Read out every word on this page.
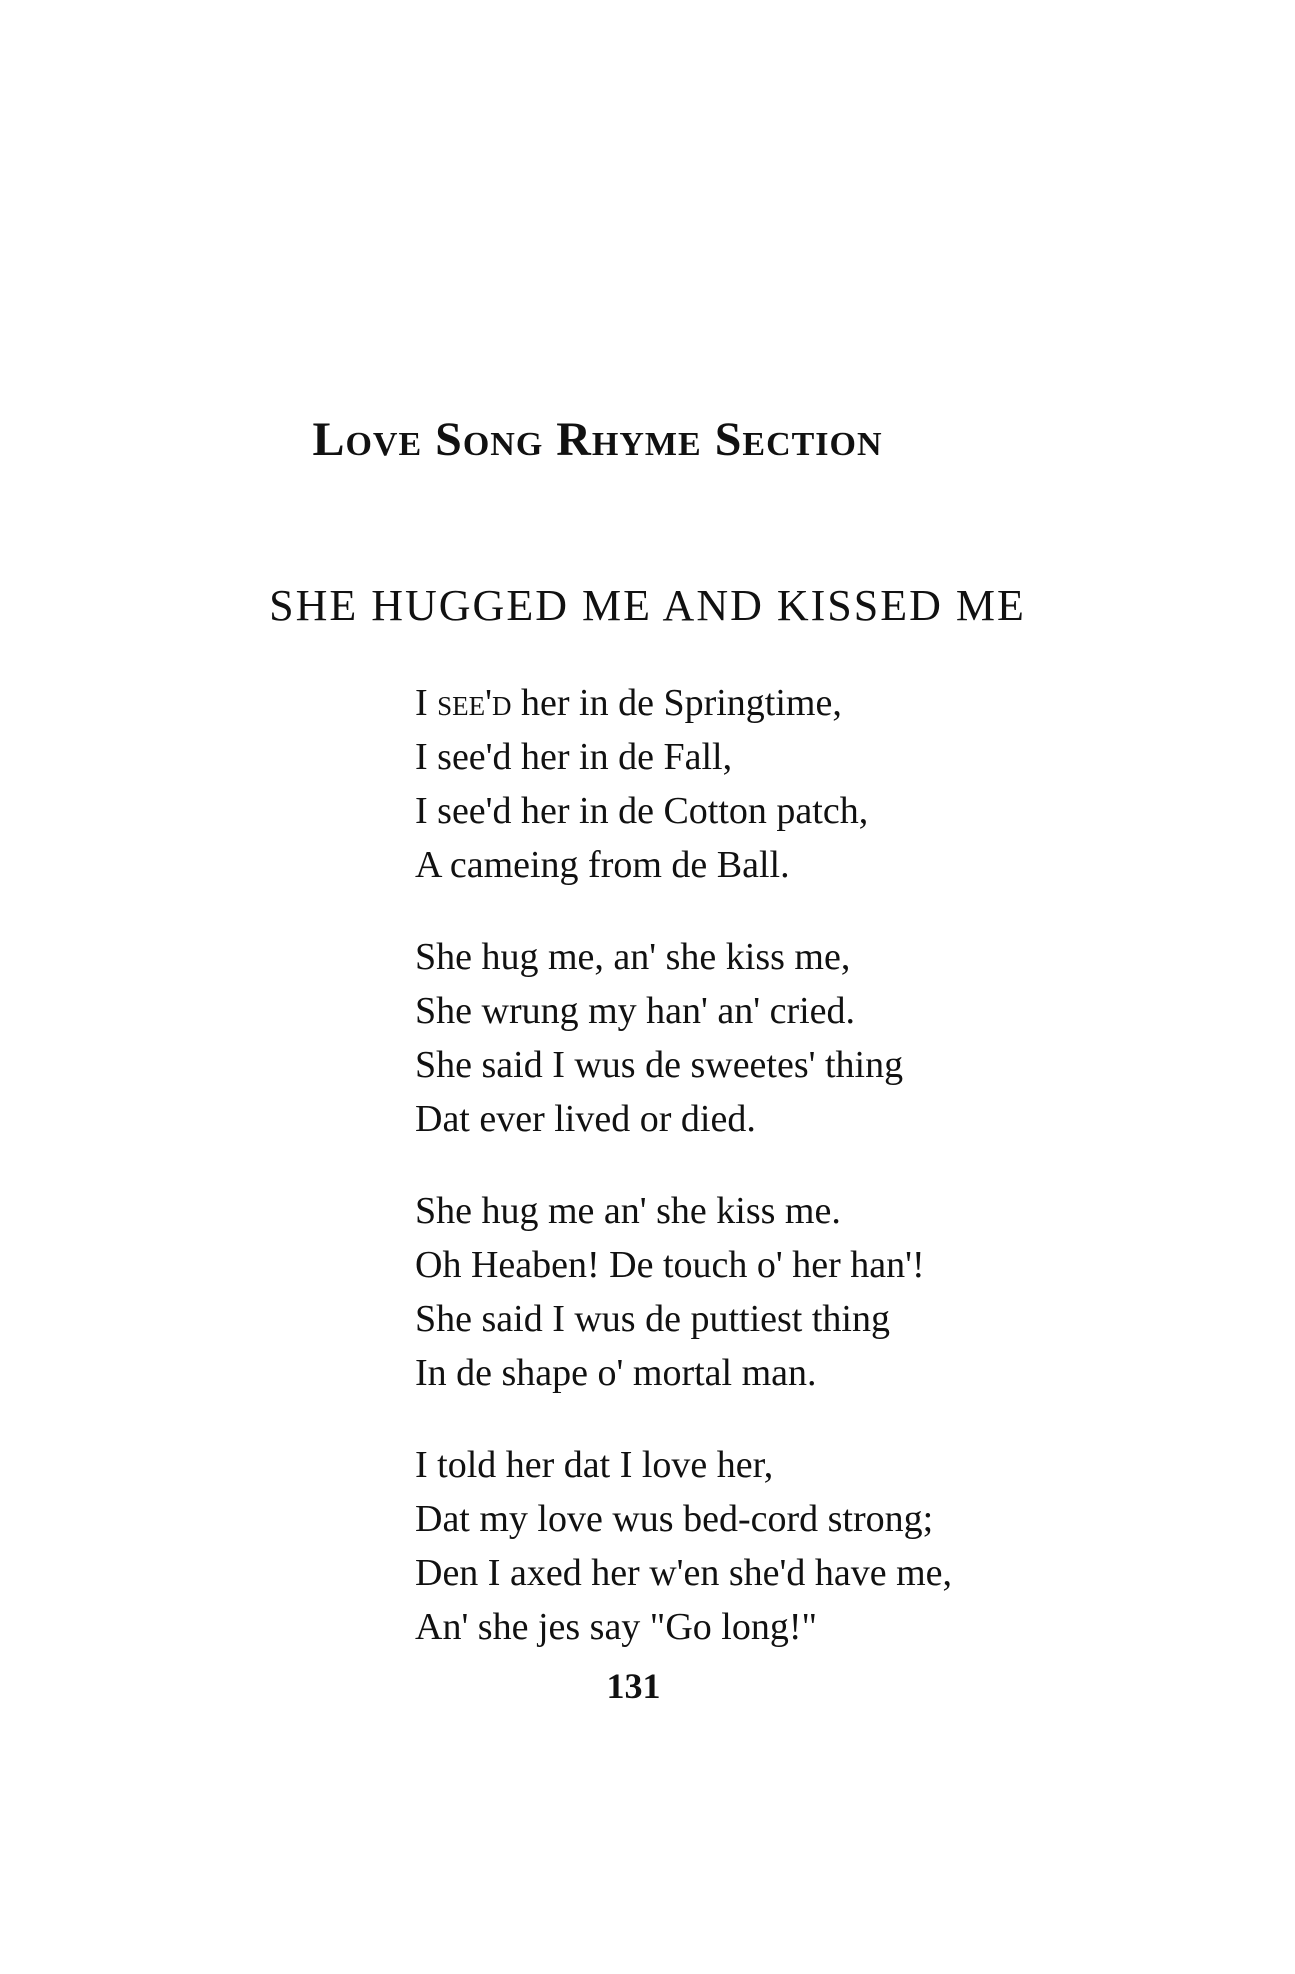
Love Song Rhyme Section
SHE HUGGED ME AND KISSED ME
I see'd her in de Springtime,
I see'd her in de Fall,
I see'd her in de Cotton patch,
A cameing from de Ball.
She hug me, an' she kiss me,
She wrung my han' an' cried.
She said I wus de sweetes' thing
Dat ever lived or died.
She hug me an' she kiss me.
Oh Heaben! De touch o' her han'!
She said I wus de puttiest thing
In de shape o' mortal man.
I told her dat I love her,
Dat my love wus bed-cord strong;
Den I axed her w'en she'd have me,
An' she jes say "Go long!"
131
